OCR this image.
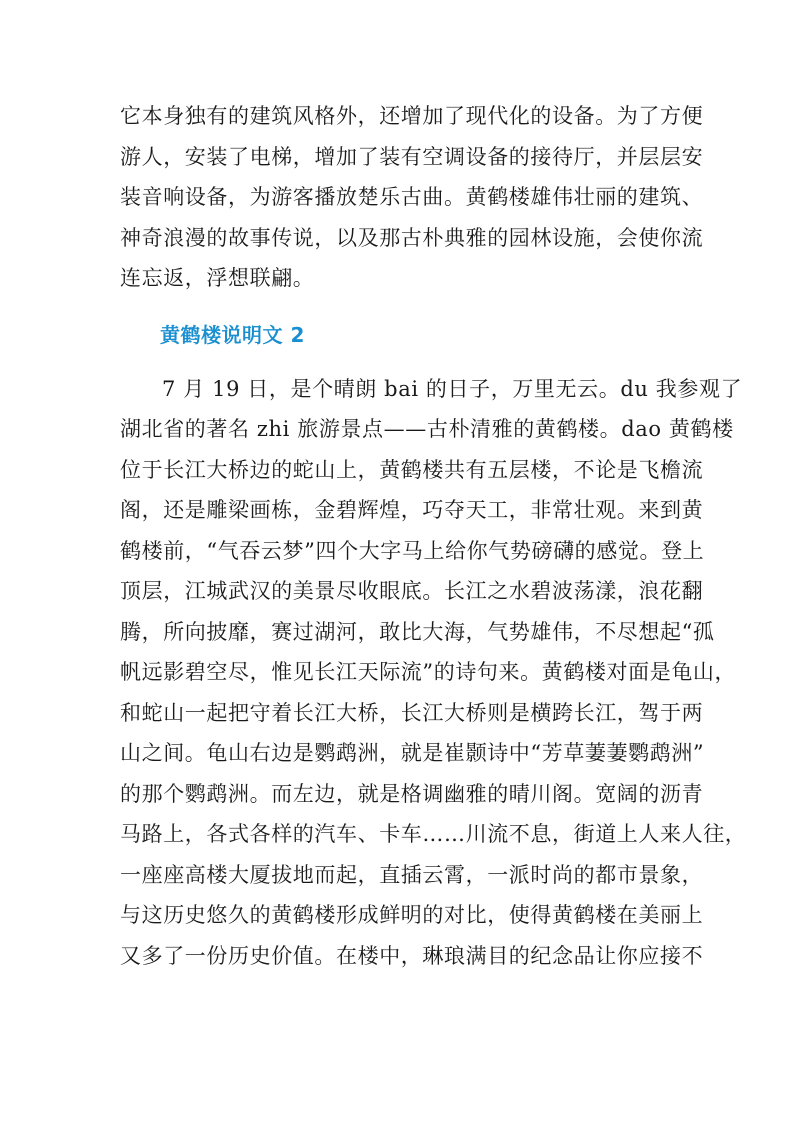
它本身独有的建筑风格外，还增加了现代化的设备。为了方便
游人，安装了电梯，增加了装有空调设备的接待厅，并层层安
装音响设备，为游客播放楚乐古曲。黄鹤楼雄伟壮丽的建筑、
神奇浪漫的故事传说，以及那古朴典雅的园林设施，会使你流
连忘返，浮想联翩。
黄鹤楼说明文 2
7 月 19 日，是个晴朗 bai 的日子，万里无云。du 我参观了
湖北省的著名 zhi 旅游景点——古朴清雅的黄鹤楼。dao 黄鹤楼
位于长江大桥边的蛇山上，黄鹤楼共有五层楼，不论是飞檐流
阁，还是雕梁画栋，金碧辉煌，巧夺天工，非常壮观。来到黄
鹤楼前，“气吞云梦”四个大字马上给你气势磅礴的感觉。登上
顶层，江城武汉的美景尽收眼底。长江之水碧波荡漾，浪花翻
腾，所向披靡，赛过湖河，敢比大海，气势雄伟，不尽想起“孤
帆远影碧空尽，惟见长江天际流”的诗句来。黄鹤楼对面是龟山，
和蛇山一起把守着长江大桥，长江大桥则是横跨长江，驾于两
山之间。龟山右边是鹦鹉洲，就是崔颢诗中“芳草萋萋鹦鹉洲”
的那个鹦鹉洲。而左边，就是格调幽雅的晴川阁。宽阔的沥青
马路上，各式各样的汽车、卡车……川流不息，街道上人来人往，
一座座高楼大厦拔地而起，直插云霄，一派时尚的都市景象，
与这历史悠久的黄鹤楼形成鲜明的对比，使得黄鹤楼在美丽上
又多了一份历史价值。在楼中，琳琅满目的纪念品让你应接不
